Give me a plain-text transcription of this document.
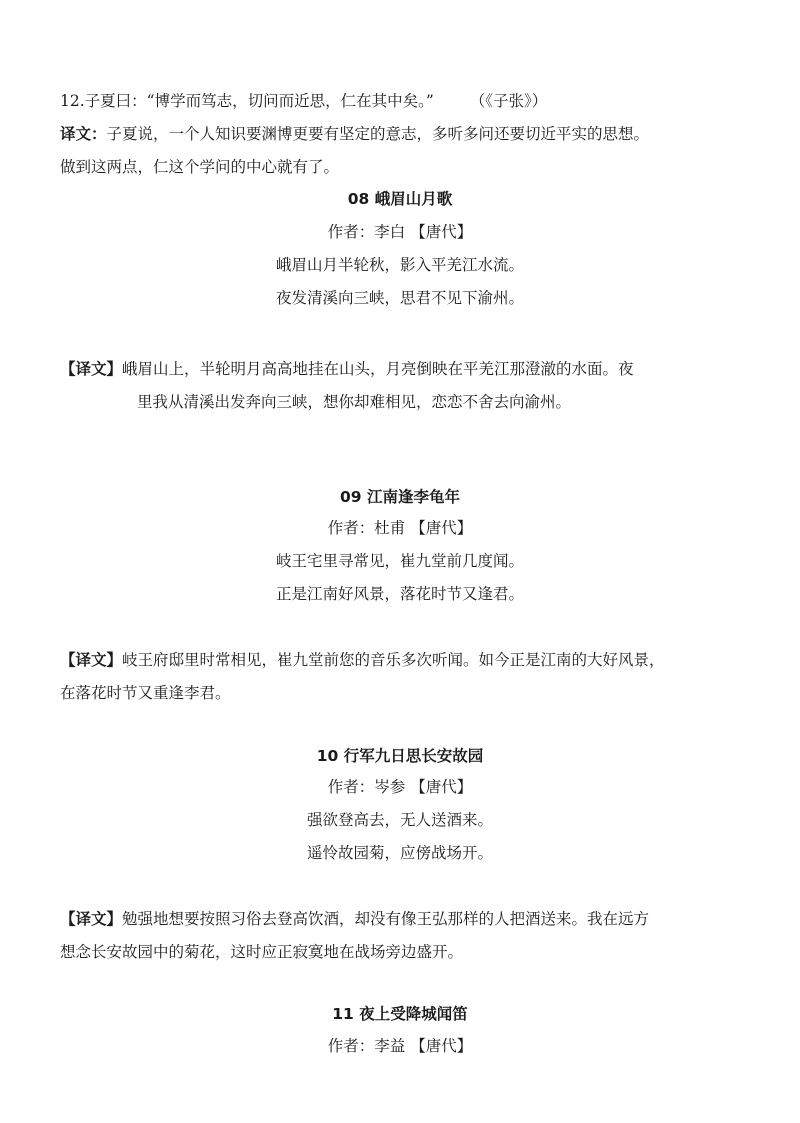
12.子夏曰：“博学而笃志，切问而近思，仁在其中矣。” （《子张》）
译文：子夏说，一个人知识要渊博更要有坚定的意志，多听多问还要切近平实的思想。
做到这两点，仁这个学问的中心就有了。
08 峨眉山月歌
作者：李白 【唐代】
峨眉山月半轮秋，影入平羌江水流。
夜发清溪向三峡，思君不见下渝州。
【译文】峨眉山上，半轮明月高高地挂在山头，月亮倒映在平羌江那澄澈的水面。夜
里我从清溪出发奔向三峡，想你却难相见，恋恋不舍去向渝州。
09 江南逢李龟年
作者：杜甫 【唐代】
岐王宅里寻常见，崔九堂前几度闻。
正是江南好风景，落花时节又逢君。
【译文】岐王府邸里时常相见，崔九堂前您的音乐多次听闻。如今正是江南的大好风景，
在落花时节又重逢李君。
10 行军九日思长安故园
作者：岑参 【唐代】
强欲登高去，无人送酒来。
遥怜故园菊，应傍战场开。
【译文】勉强地想要按照习俗去登高饮酒，却没有像王弘那样的人把酒送来。我在远方
想念长安故园中的菊花，这时应正寂寞地在战场旁边盛开。
11 夜上受降城闻笛
作者：李益 【唐代】
